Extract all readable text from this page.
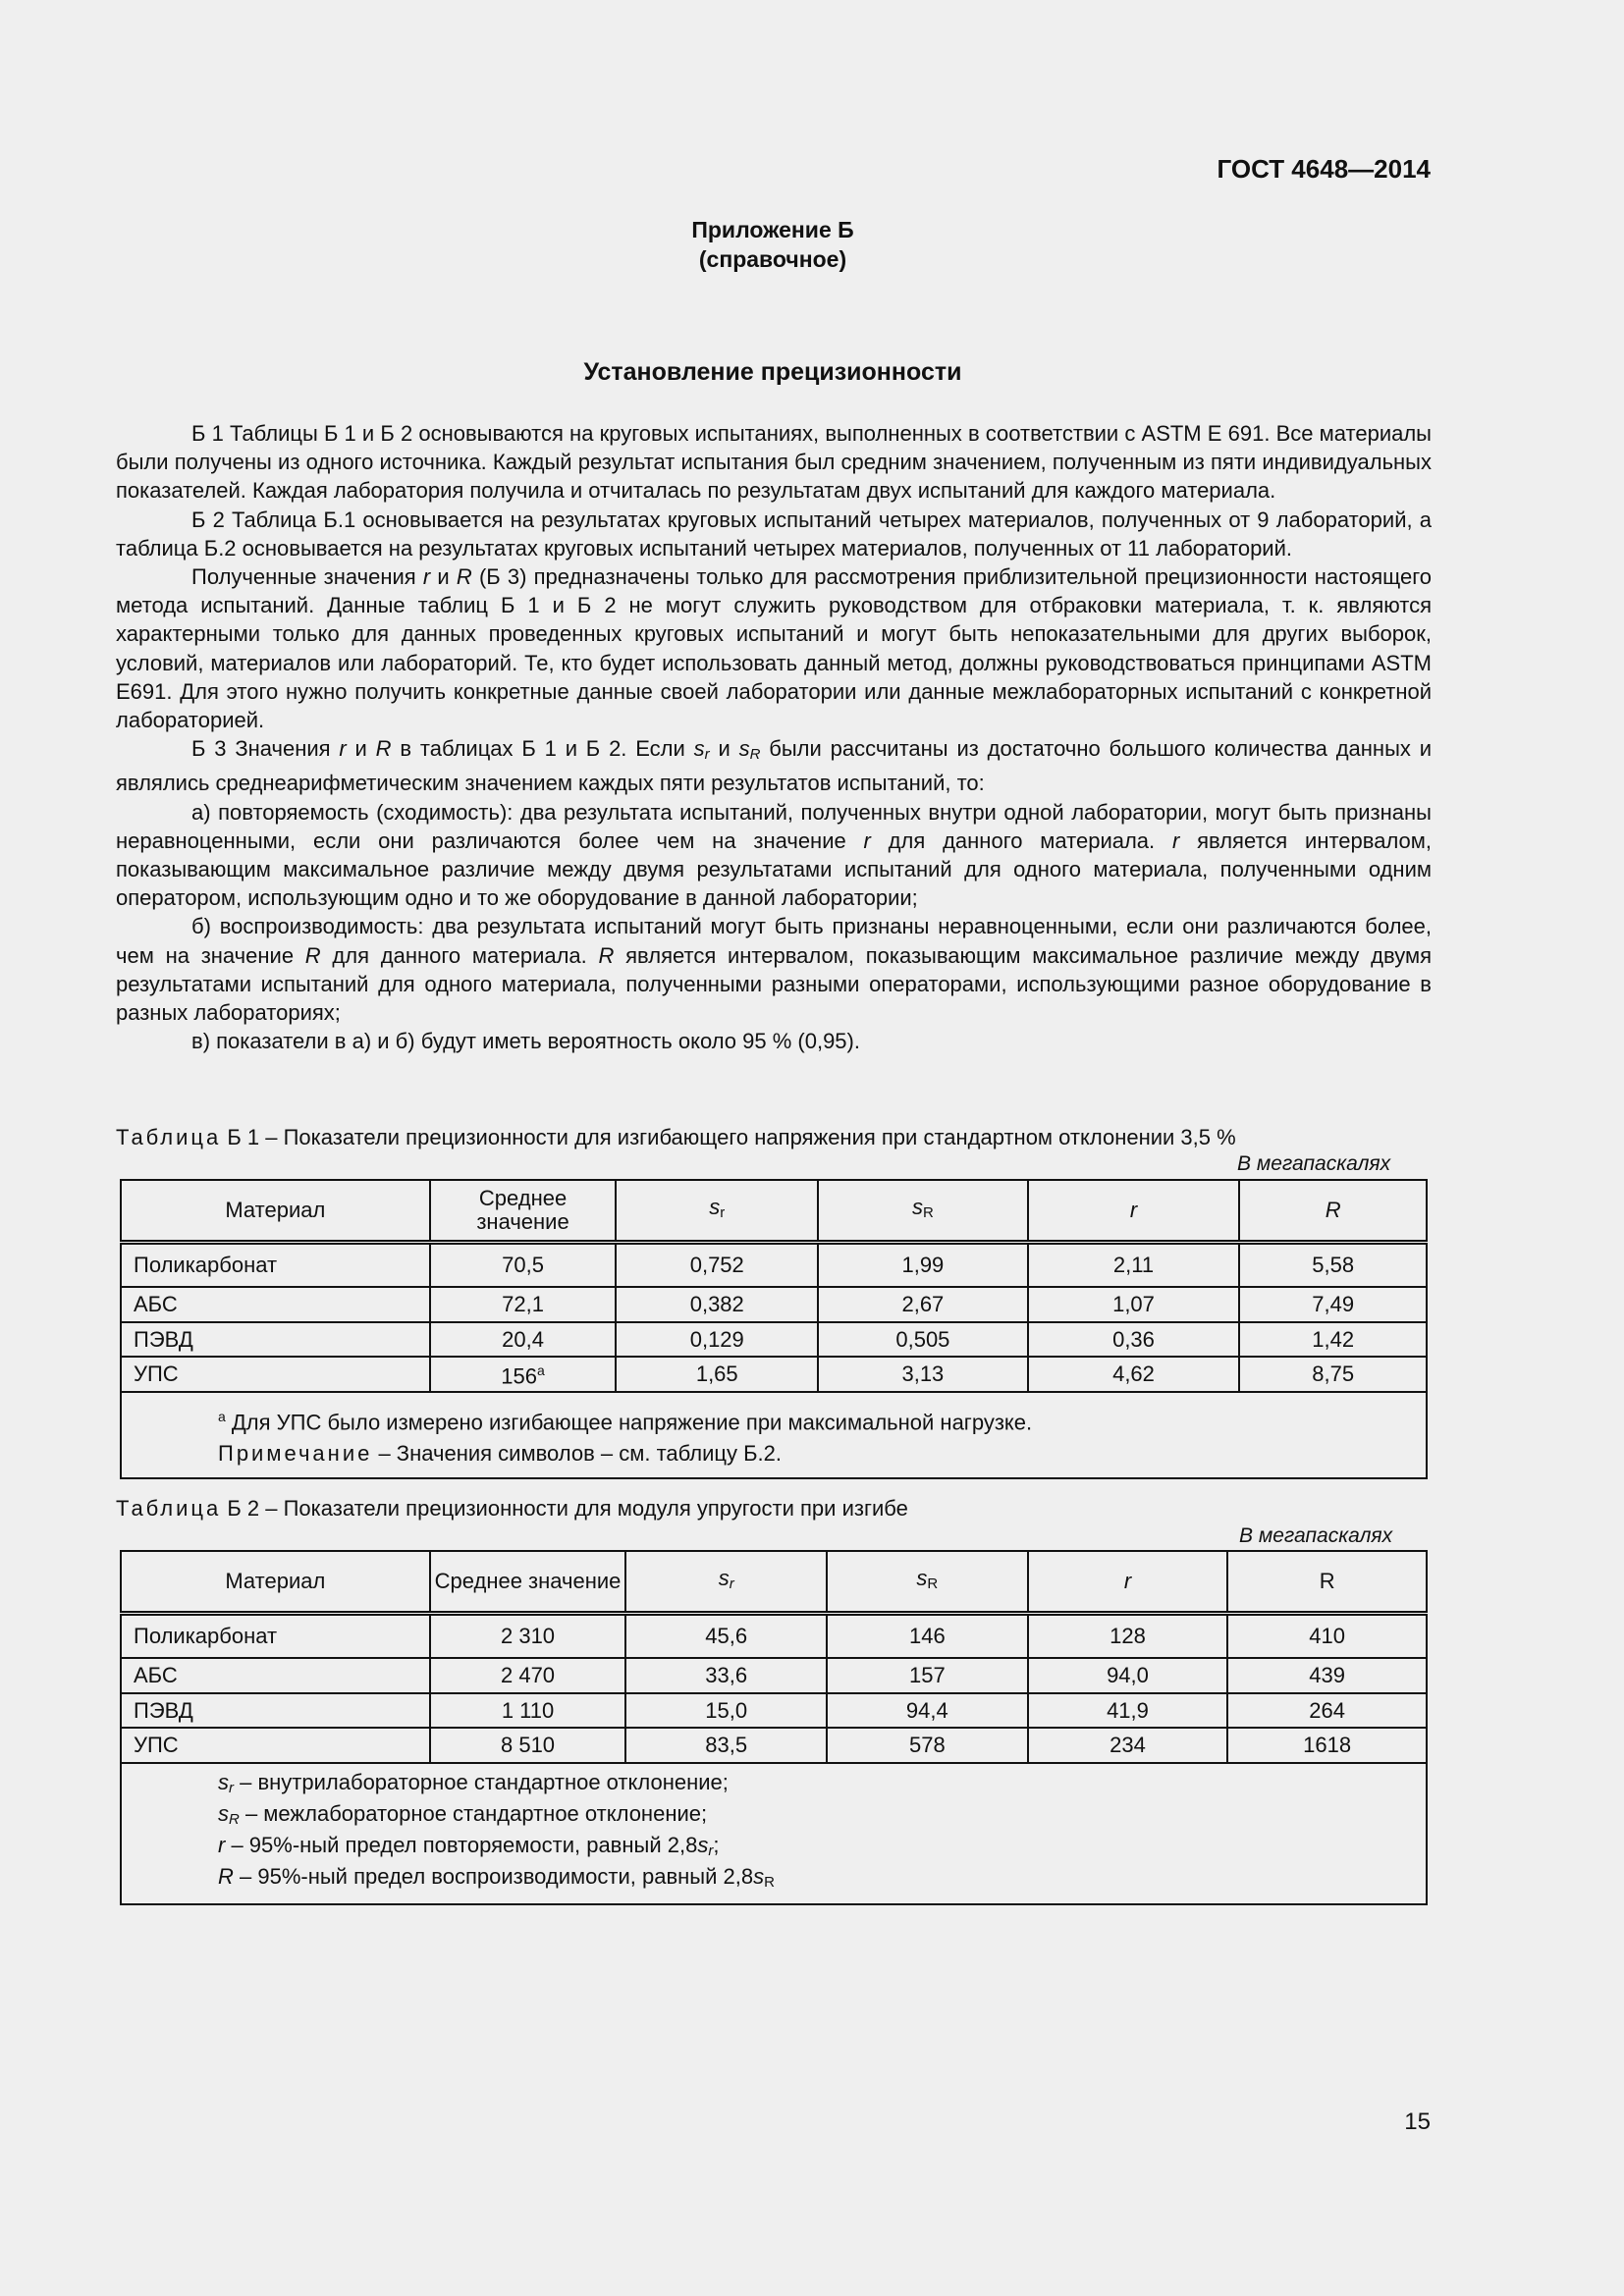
ГОСТ 4648—2014
Приложение Б
(справочное)
Установление прецизионности

Б 1 Таблицы Б 1 и Б 2 основываются на круговых испытаниях, выполненных в соответствии с ASTM E 691. Все материалы были получены из одного источника. Каждый результат испытания был средним значением, полученным из пяти индивидуальных показателей. Каждая лаборатория получила и отчиталась по результатам двух испытаний для каждого материала.

Б 2 Таблица Б.1 основывается на результатах круговых испытаний четырех материалов, полученных от 9 лабораторий, а таблица Б.2 основывается на результатах круговых испытаний четырех материалов, полученных от 11 лабораторий.

Полученные значения r и R (Б 3) предназначены только для рассмотрения приблизительной прецизионности настоящего метода испытаний. Данные таблиц Б 1 и Б 2 не могут служить руководством для отбраковки материала, т. к. являются характерными только для данных проведенных круговых испытаний и могут быть непоказательными для других выборок, условий, материалов или лабораторий. Те, кто будет использовать данный метод, должны руководствоваться принципами ASTM E691. Для этого нужно получить конкретные данные своей лаборатории или данные межлабораторных испытаний с конкретной лабораторией.

Б 3 Значения r и R в таблицах Б 1 и Б 2. Если $s_r$ и $s_R$ были рассчитаны из достаточно большого количества данных и являлись среднеарифметическим значением каждых пяти результатов испытаний, то:

а) повторяемость (сходимость): два результата испытаний, полученных внутри одной лаборатории, могут быть признаны неравноценными, если они различаются более чем на значение r для данного материала. r является интервалом, показывающим максимальное различие между двумя результатами испытаний для одного материала, полученными одним оператором, использующим одно и то же оборудование в данной лаборатории;

б) воспроизводимость: два результата испытаний могут быть признаны неравноценными, если они различаются более, чем на значение R для данного материала. R является интервалом, показывающим максимальное различие между двумя результатами испытаний для одного материала, полученными разными операторами, использующими разное оборудование в разных лабораториях;

в) показатели в а) и б) будут иметь вероятность около 95 % (0,95).

Таблица Б 1 – Показатели прецизионности для изгибающего напряжения при стандартном отклонении 3,5 %
В мегапаскалях
Материал	Среднее значение	$s_r$	$s_R$	r	R
Поликарбонат	70,5	0,752	1,99	2,11	5,58
АБС	72,1	0,382	2,67	1,07	7,49
ПЭВД	20,4	0,129	0,505	0,36	1,42
УПС	$156^а$	1,65	3,13	4,62	8,75

$^а$ Для УПС было измерено изгибающее напряжение при максимальной нагрузке.
Примечание – Значения символов – см. таблицу Б.2.					
Таблица Б 2 – Показатели прецизионности для модуля упругости при изгибе
В мегапаскалях
Материал	Среднее значение	$s_r$	$s_R$	r	R
Поликарбонат	2 310	45,6	146	128	410
АБС	2 470	33,6	157	94,0	439
ПЭВД	1 110	15,0	94,4	41,9	264
УПС	8 510	83,5	578	234	1618

$s_r$ – внутрилабораторное стандартное отклонение;
$s_R$ – межлабораторное стандартное отклонение;
r – 95%-ный предел повторяемости, равный $2,8s_r$;
R – 95%-ный предел воспроизводимости, равный $2,8s_R$
15
